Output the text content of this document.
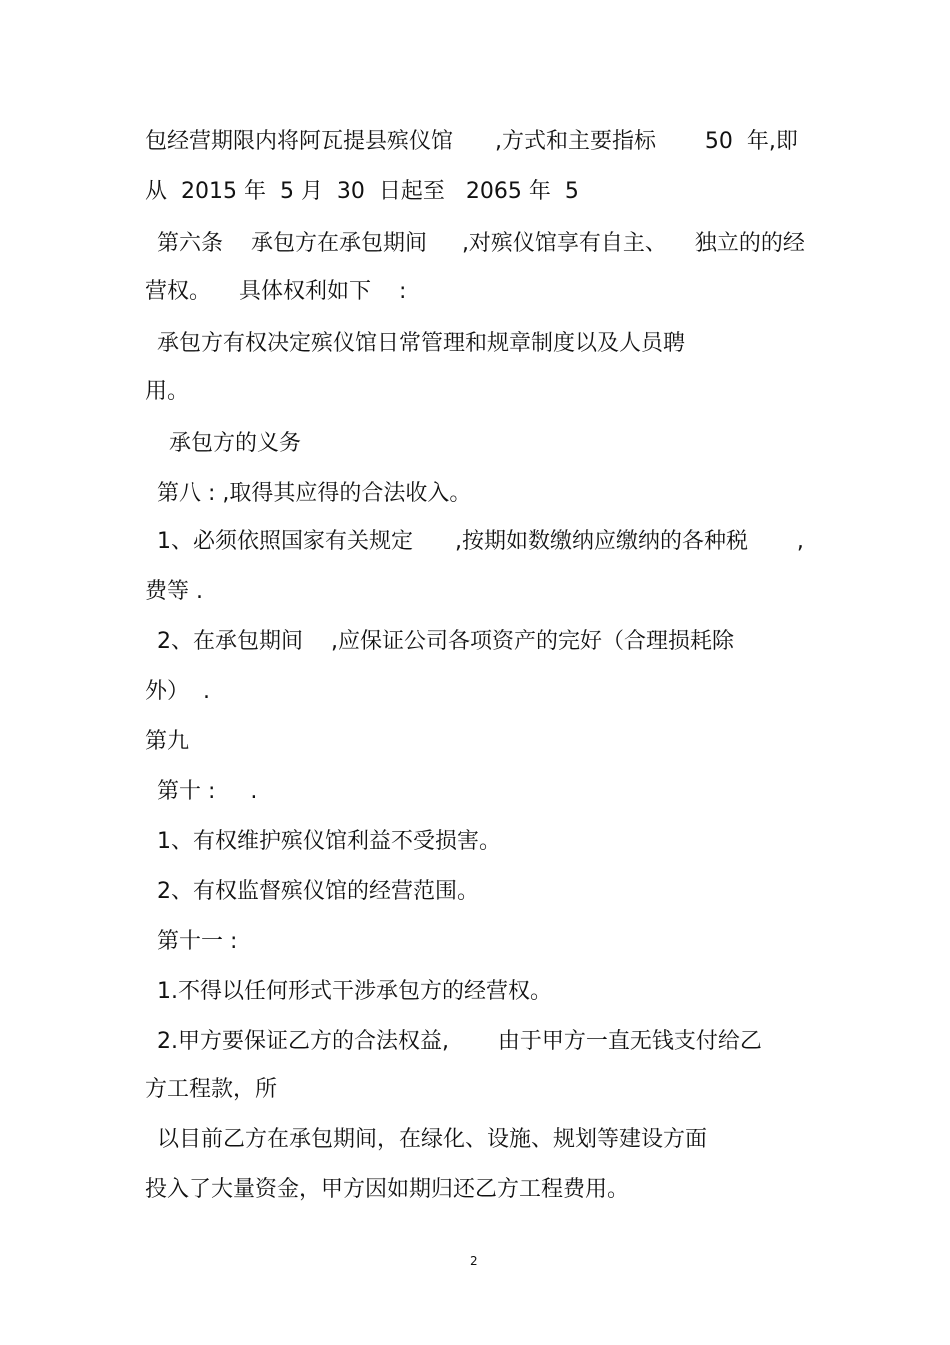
包经营期限内将阿瓦提县殡仪馆      ,方式和主要指标       50  年,即

从  2015 年  5 月  30  日起至   2065 年  5

第六条    承包方在承包期间     ,对殡仪馆享有自主、    独立的的经

营权。    具体权利如下    :

承包方有权决定殡仪馆日常管理和规章制度以及人员聘

用。

承包方的义务

第八 : ,取得其应得的合法收入。

1、必须依照国家有关规定      ,按期如数缴纳应缴纳的各种税       ,

费等 .

2、在承包期间    ,应保证公司各项资产的完好（合理损耗除

外）  .

第九

第十 :     .

1、有权维护殡仪馆利益不受损害。

2、有权监督殡仪馆的经营范围。

第十一 :

1.不得以任何形式干涉承包方的经营权。

2.甲方要保证乙方的合法权益,       由于甲方一直无钱支付给乙

方工程款，所

以目前乙方在承包期间，在绿化、设施、规划等建设方面

投入了大量资金，甲方因如期归还乙方工程费用。

2
